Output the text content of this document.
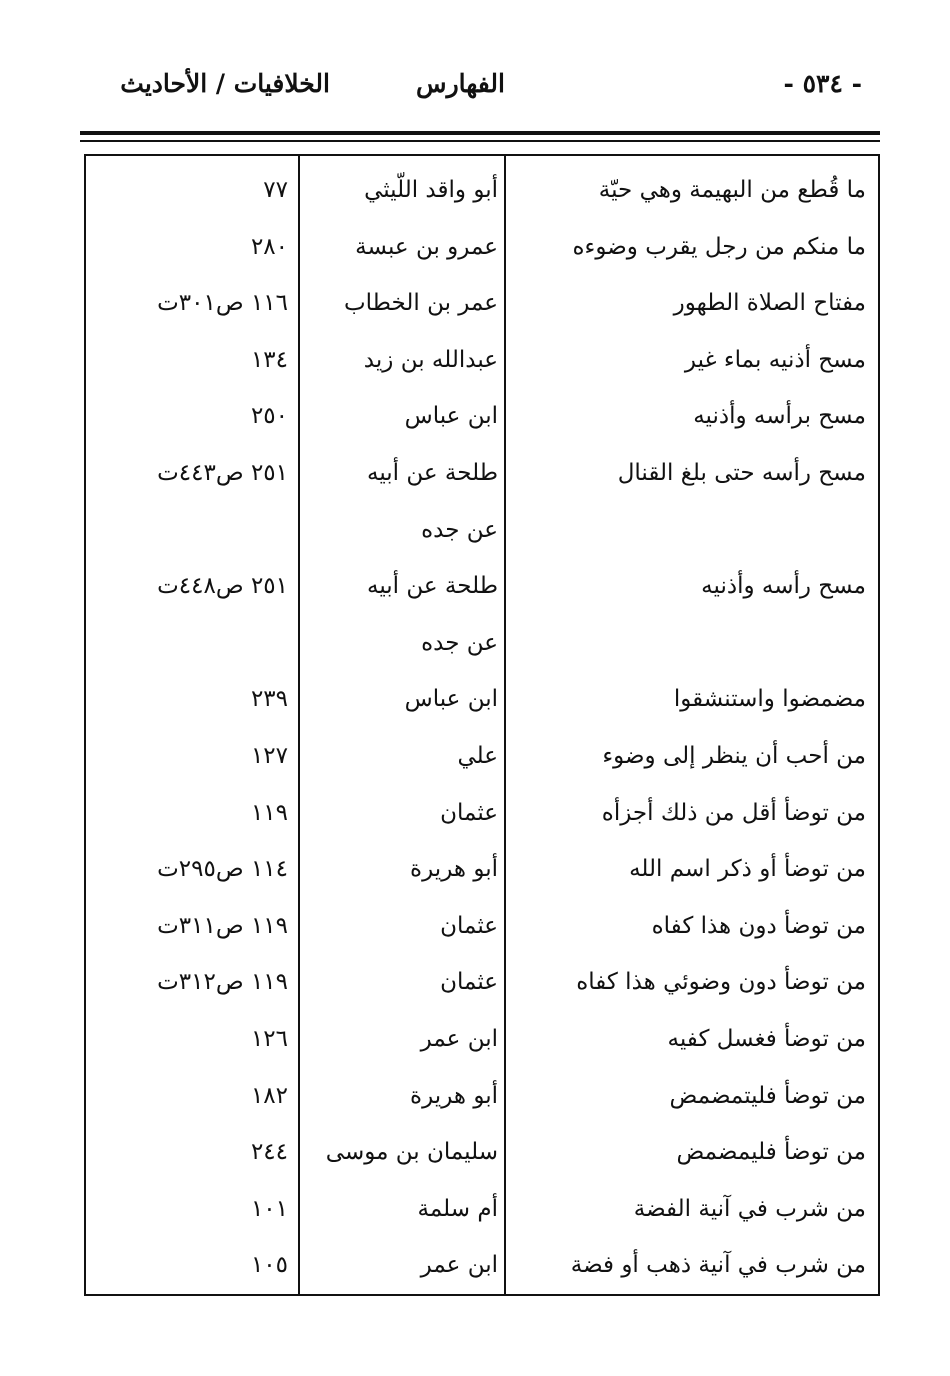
- ٥٣٤ -
الفهارس
الخلافيات / الأحاديث
ما قُطع من البهيمة وهي حيّة
أبو واقد اللّيثي
٧٧
ما منكم من رجل يقرب وضوءه
عمرو بن عبسة
٢٨٠
مفتاح الصلاة الطهور
عمر بن الخطاب
١١٦ ص٣٠١ت
مسح أذنيه بماء غير
عبدالله بن زيد
١٣٤
مسح برأسه وأذنيه
ابن عباس
٢٥٠
مسح رأسه حتى بلغ القنال
طلحة عن أبيه
٢٥١ ص٤٤٣ت
عن جده
مسح رأسه وأذنيه
طلحة عن أبيه
٢٥١ ص٤٤٨ت
عن جده
مضمضوا واستنشقوا
ابن عباس
٢٣٩
من أحب أن ينظر إلى وضوء
علي
١٢٧
من توضأ أقل من ذلك أجزأه
عثمان
١١٩
من توضأ أو ذكر اسم الله
أبو هريرة
١١٤ ص٢٩٥ت
من توضأ دون هذا كفاه
عثمان
١١٩ ص٣١١ت
من توضأ دون وضوئي هذا كفاه
عثمان
١١٩ ص٣١٢ت
من توضأ فغسل كفيه
ابن عمر
١٢٦
من توضأ فليتمضمض
أبو هريرة
١٨٢
من توضأ فليمضمض
سليمان بن موسى
٢٤٤
من شرب في آنية الفضة
أم سلمة
١٠١
من شرب في آنية ذهب أو فضة
ابن عمر
١٠٥
